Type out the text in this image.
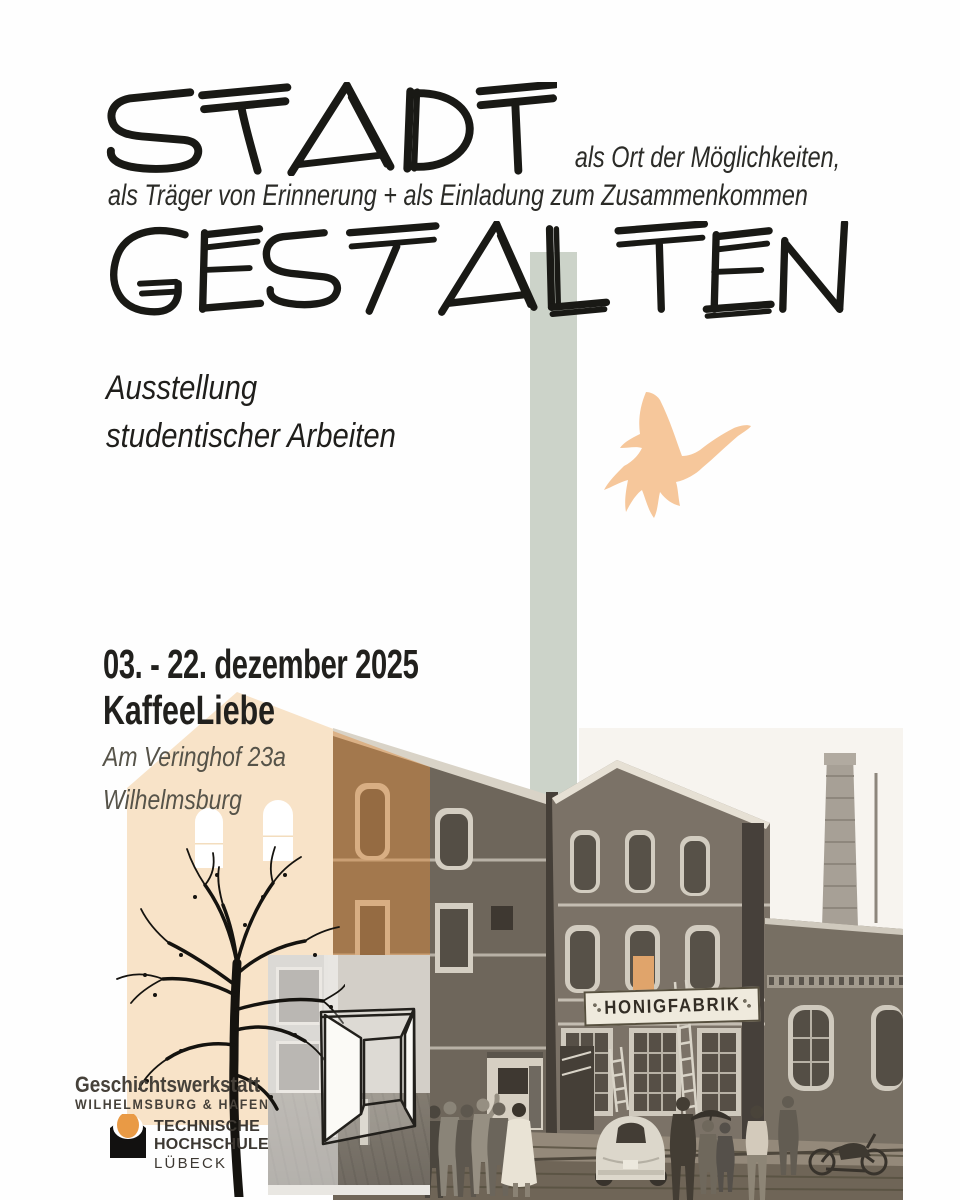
als Ort der Möglichkeiten,
als Träger von Erinnerung + als Einladung zum Zusammenkommen
Ausstellung
studentischer Arbeiten
03. - 22. dezember 2025
KaffeeLiebe
Am Veringhof 23a
Wilhelmsburg
HONIGFABRIK
Geschichtswerkstatt
WILHELMSBURG & HAFEN
TECHNISCHE
HOCHSCHULE
LÜBECK
